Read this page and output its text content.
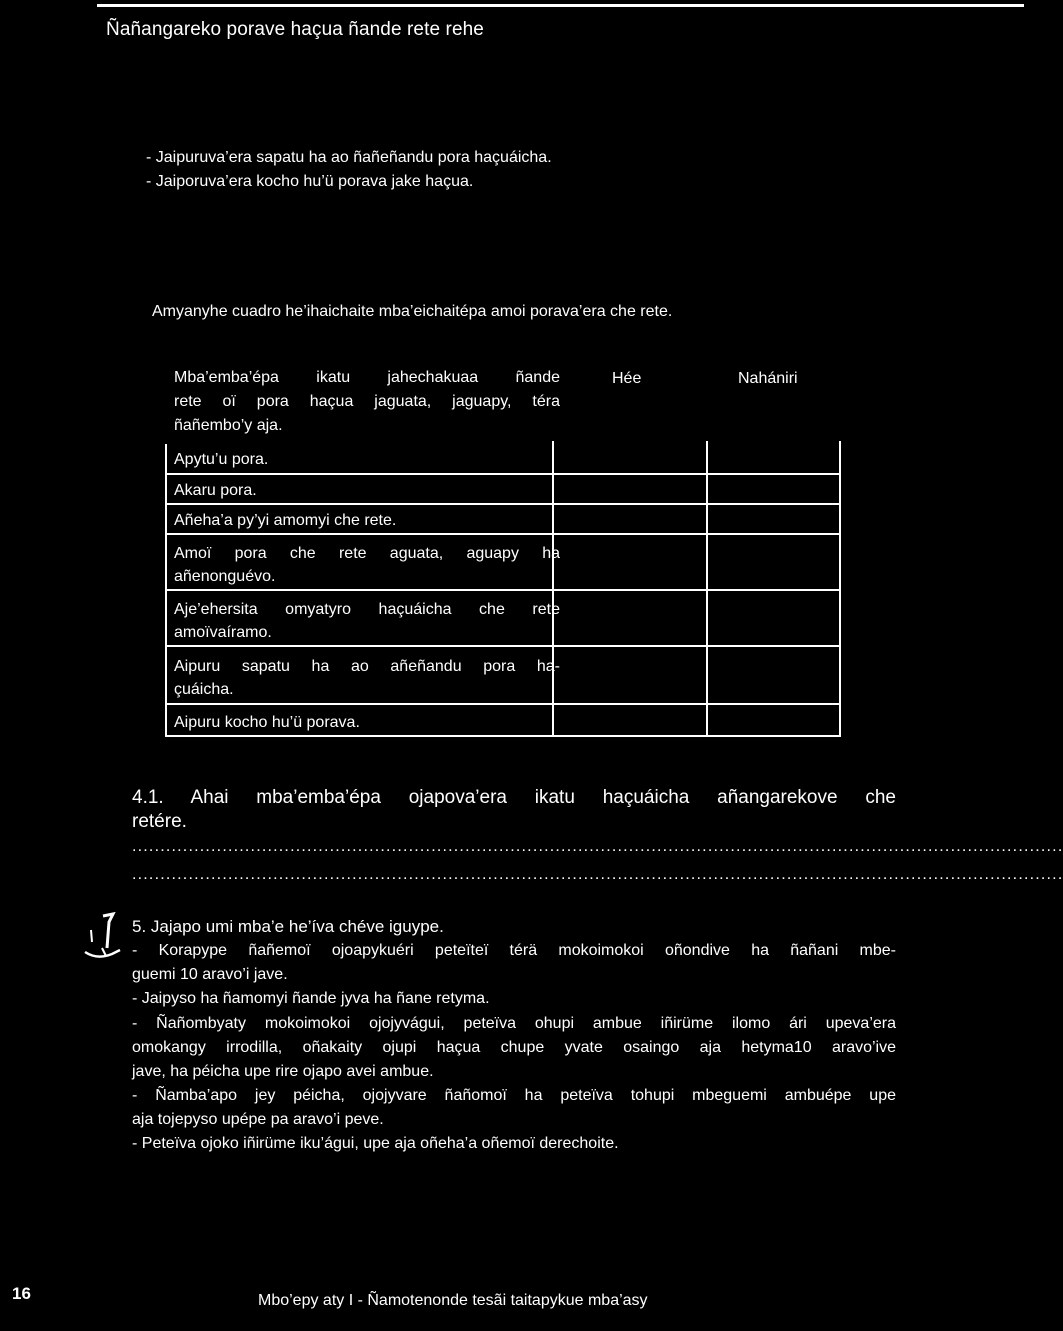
Ñañangareko porave haçua ñande rete rehe
- Jaipuruva’era sapatu ha ao ñañeñandu pora haçuáicha.
- Jaiporuva’era kocho hu’ü porava jake haçua.
Amyanyhe cuadro he’ihaichaite mba’eichaitépa amoi porava’era che rete.
Mba’emba’épa ikatu jahechakuaa ñande
rete oï pora haçua jaguata, jaguapy, téra
ñañembo’y aja.
Hée	Nahániri
Apytu’u pora.
Akaru pora.
Añeha’a py’yi amomyi che rete.
Amoï pora che rete aguata, aguapy ha
añenonguévo.
Aje’ehersita omyatyro haçuáicha che rete
amoïvaíramo.
Aipuru sapatu ha ao añeñandu pora ha-
çuáicha.
Aipuru kocho hu’ü porava.
4.1. Ahai mba’emba’épa ojapova’era ikatu haçuáicha añangarekove che
retére.
.....................................................................................................................................................................
.....................................................................................................................................................................
5. Jajapo umi mba’e he’íva chéve iguype.
- Korapype ñañemoï ojoapykuéri peteïteï térä mokoimokoi oñondive ha ñañani mbe-
guemi 10 aravo’i jave.
- Jaipyso ha ñamomyi ñande jyva ha ñane retyma.
- Ñañombyaty mokoimokoi ojojyvágui, peteïva ohupi ambue iñirüme ilomo ári upeva’era
omokangy irrodilla, oñakaity ojupi haçua chupe yvate osaingo aja hetyma10 aravo’ive
jave, ha péicha upe rire ojapo avei ambue.
- Ñamba’apo jey péicha, ojojyvare ñañomoï ha peteïva tohupi mbeguemi ambuépe upe
aja tojepyso upépe pa aravo’i peve.
- Peteïva ojoko iñirüme iku’águi, upe aja oñeha’a oñemoï derechoite.
16	Mbo’epy aty I - Ñamotenonde tesãi taitapykue mba’asy
